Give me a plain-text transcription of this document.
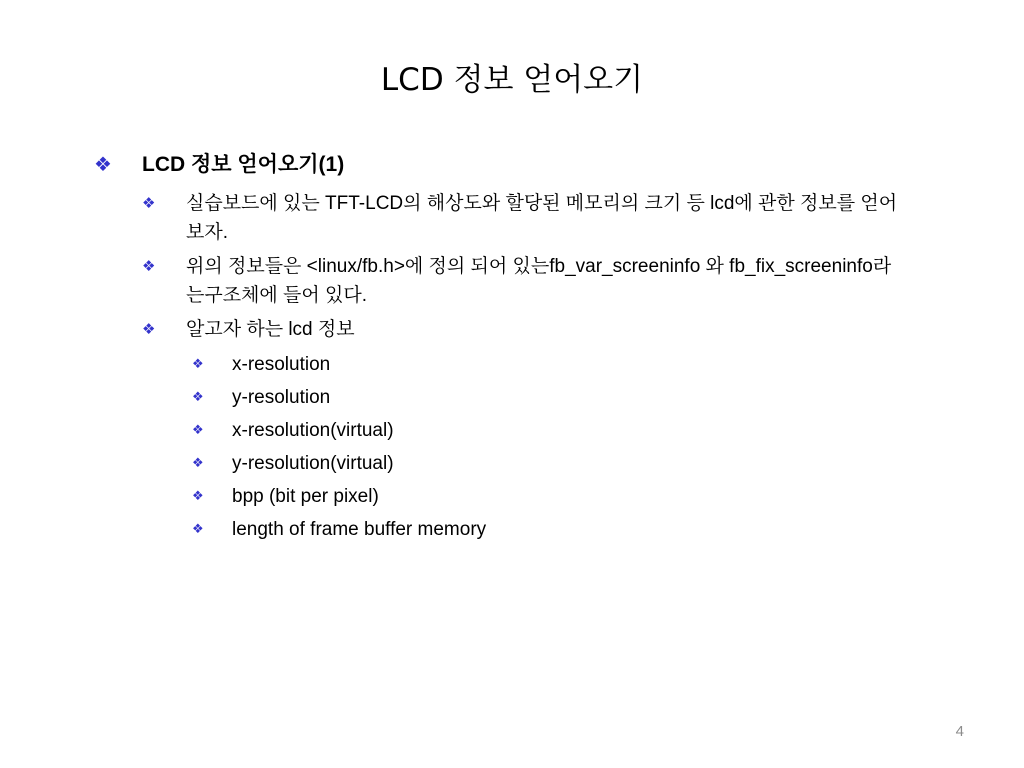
LCD 정보 얻어오기
❖ LCD 정보 얻어오기(1)
❖ 실습보드에 있는 TFT-LCD의 해상도와 할당된 메모리의 크기 등 lcd에 관한 정보를 얻어보자.
❖ 위의 정보들은 <linux/fb.h>에 정의 되어 있는fb_var_screeninfo 와 fb_fix_screeninfo라는구조체에 들어 있다.
❖ 알고자 하는 lcd 정보
❖ x-resolution
❖ y-resolution
❖ x-resolution(virtual)
❖ y-resolution(virtual)
❖ bpp (bit per pixel)
❖ length of frame buffer memory
4
